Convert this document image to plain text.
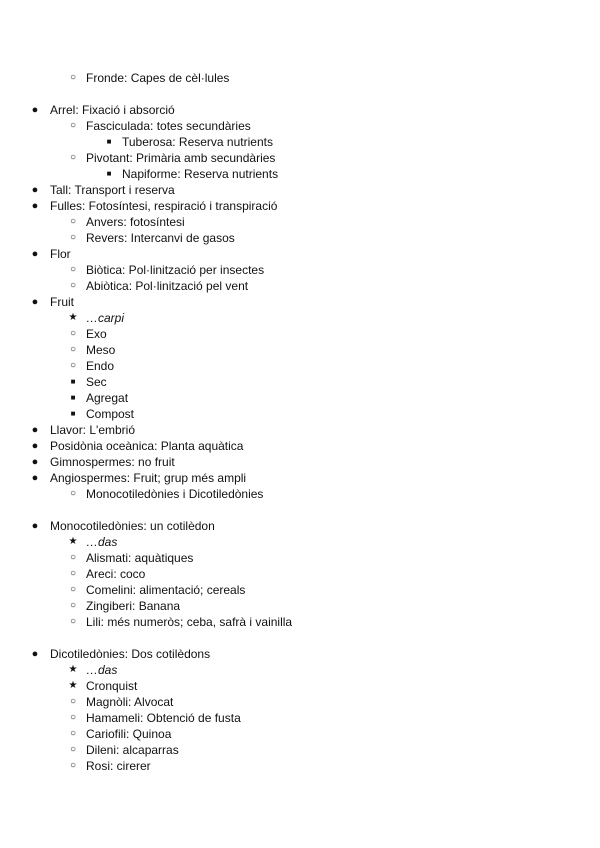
○ Fronde: Capes de cèl·lules
● Arrel: Fixació i absorció
○ Fasciculada: totes secundàries
■ Tuberosa: Reserva nutrients
○ Pivotant: Primària amb secundàries
■ Napiforme: Reserva nutrients
● Tall: Transport i reserva
● Fulles: Fotosíntesi, respiració i transpiració
○ Anvers: fotosíntesi
○ Revers: Intercanvi de gasos
● Flor
○ Biòtica: Pol·linització per insectes
○ Abiòtica: Pol·linització pel vent
● Fruit
★ …carpi
○ Exo
○ Meso
○ Endo
■ Sec
■ Agregat
■ Compost
● Llavor: L'embrió
● Posidònia oceànica: Planta aquàtica
● Gimnospermes: no fruit
● Angiospermes: Fruit; grup més ampli
○ Monocotiledònies i Dicotiledònies
● Monocotiledònies: un cotilèdon
★ …das
○ Alismati: aquàtiques
○ Areci: coco
○ Comelini: alimentació; cereals
○ Zingiberi: Banana
○ Lili: més numeròs; ceba, safrà i vainilla
● Dicotiledònies: Dos cotilèdons
★ …das
★ Cronquist
○ Magnòli: Alvocat
○ Hamameli: Obtenció de fusta
○ Cariofili: Quinoa
○ Dileni: alcaparras
○ Rosi: cirerer
